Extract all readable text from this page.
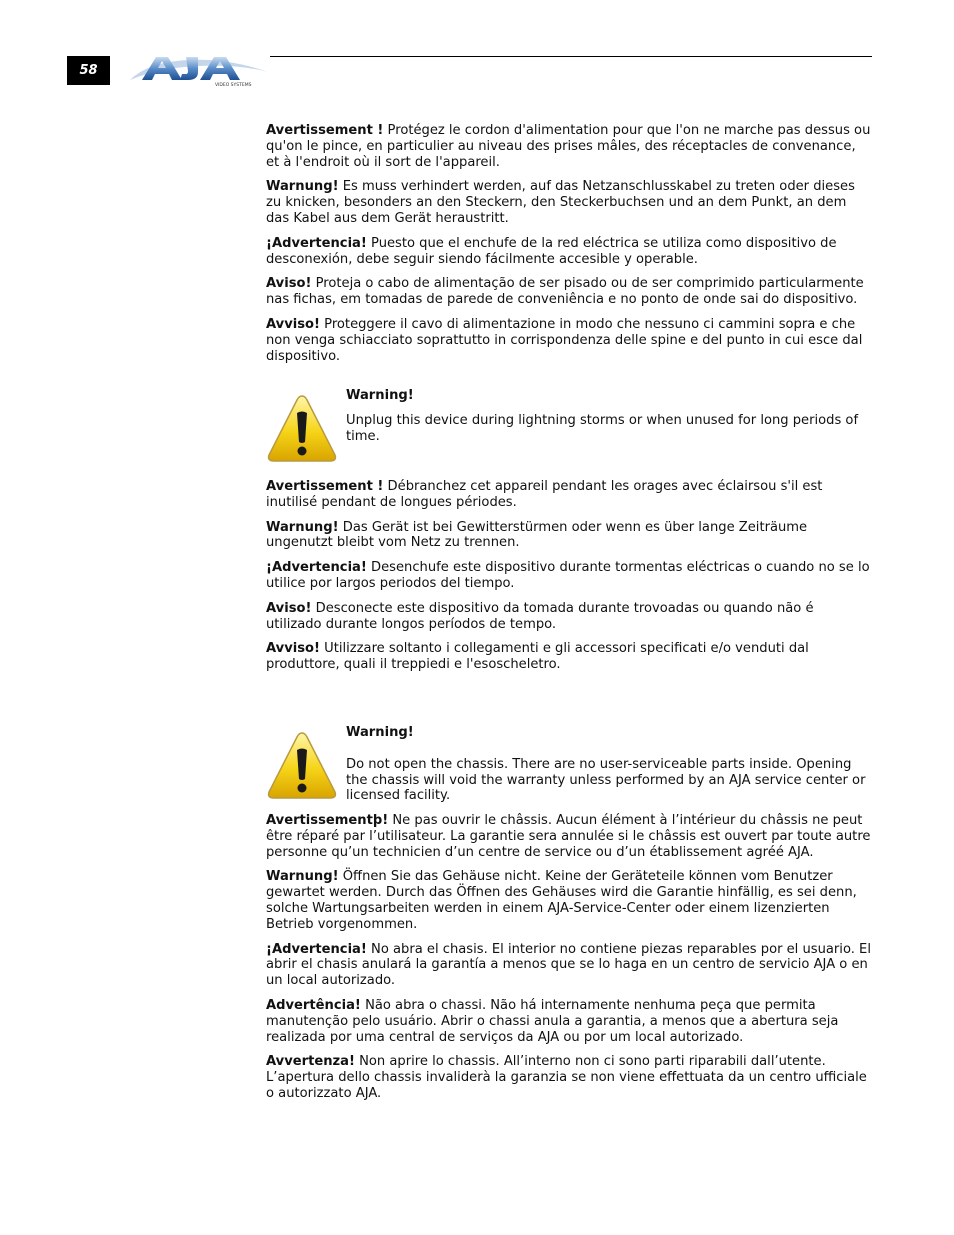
58
VIDEO SYSTEMS

Avertissement ! Protégez le cordon d'alimentation pour que l'on ne marche pas dessus ou qu'on le pince, en particulier au niveau des prises mâles, des réceptacles de convenance, et à l'endroit où il sort de l'appareil.

Warnung! Es muss verhindert werden, auf das Netzanschlusskabel zu treten oder dieses zu knicken, besonders an den Steckern, den Steckerbuchsen und an dem Punkt, an dem das Kabel aus dem Gerät heraustritt.

¡Advertencia! Puesto que el enchufe de la red eléctrica se utiliza como dispositivo de desconexión, debe seguir siendo fácilmente accesible y operable.

Aviso! Proteja o cabo de alimentação de ser pisado ou de ser comprimido particularmente nas fichas, em tomadas de parede de conveniência e no ponto de onde sai do dispositivo.

Avviso! Proteggere il cavo di alimentazione in modo che nessuno ci cammini sopra e che non venga schiacciato soprattutto in corrispondenza delle spine e del punto in cui esce dal dispositivo.

Warning!

Unplug this device during lightning storms or when unused for long periods of time.

Avertissement ! Débranchez cet appareil pendant les orages avec éclairsou s'il est inutilisé pendant de longues périodes.

Warnung! Das Gerät ist bei Gewitterstürmen oder wenn es über lange Zeiträume ungenutzt bleibt vom Netz zu trennen.

¡Advertencia! Desenchufe este dispositivo durante tormentas eléctricas o cuando no se lo utilice por largos periodos del tiempo.

Aviso! Desconecte este dispositivo da tomada durante trovoadas ou quando não é utilizado durante longos períodos de tempo.

Avviso! Utilizzare soltanto i collegamenti e gli accessori specificati e/o venduti dal produttore, quali il treppiedi e l'esoscheletro.

Warning!

Do not open the chassis. There are no user-serviceable parts inside. Opening the chassis will void the warranty unless performed by an AJA service center or licensed facility.

Avertissementþ! Ne pas ouvrir le châssis. Aucun élément à l’intérieur du châssis ne peut être réparé par l’utilisateur. La garantie sera annulée si le châssis est ouvert par toute autre personne qu’un technicien d’un centre de service ou d’un établissement agréé AJA.

Warnung! Öffnen Sie das Gehäuse nicht. Keine der Geräteteile können vom Benutzer gewartet werden. Durch das Öffnen des Gehäuses wird die Garantie hinfällig, es sei denn, solche Wartungsarbeiten werden in einem AJA-Service-Center oder einem lizenzierten Betrieb vorgenommen.

¡Advertencia! No abra el chasis. El interior no contiene piezas reparables por el usuario. El abrir el chasis anulará la garantía a menos que se lo haga en un centro de servicio AJA o en un local autorizado.

Advertência! Não abra o chassi. Não há internamente nenhuma peça que permita manutenção pelo usuário. Abrir o chassi anula a garantia, a menos que a abertura seja realizada por uma central de serviços da AJA ou por um local autorizado.

Avvertenza! Non aprire lo chassis. All’interno non ci sono parti riparabili dall’utente. L’apertura dello chassis invaliderà la garanzia se non viene effettuata da un centro ufficiale o autorizzato AJA.
